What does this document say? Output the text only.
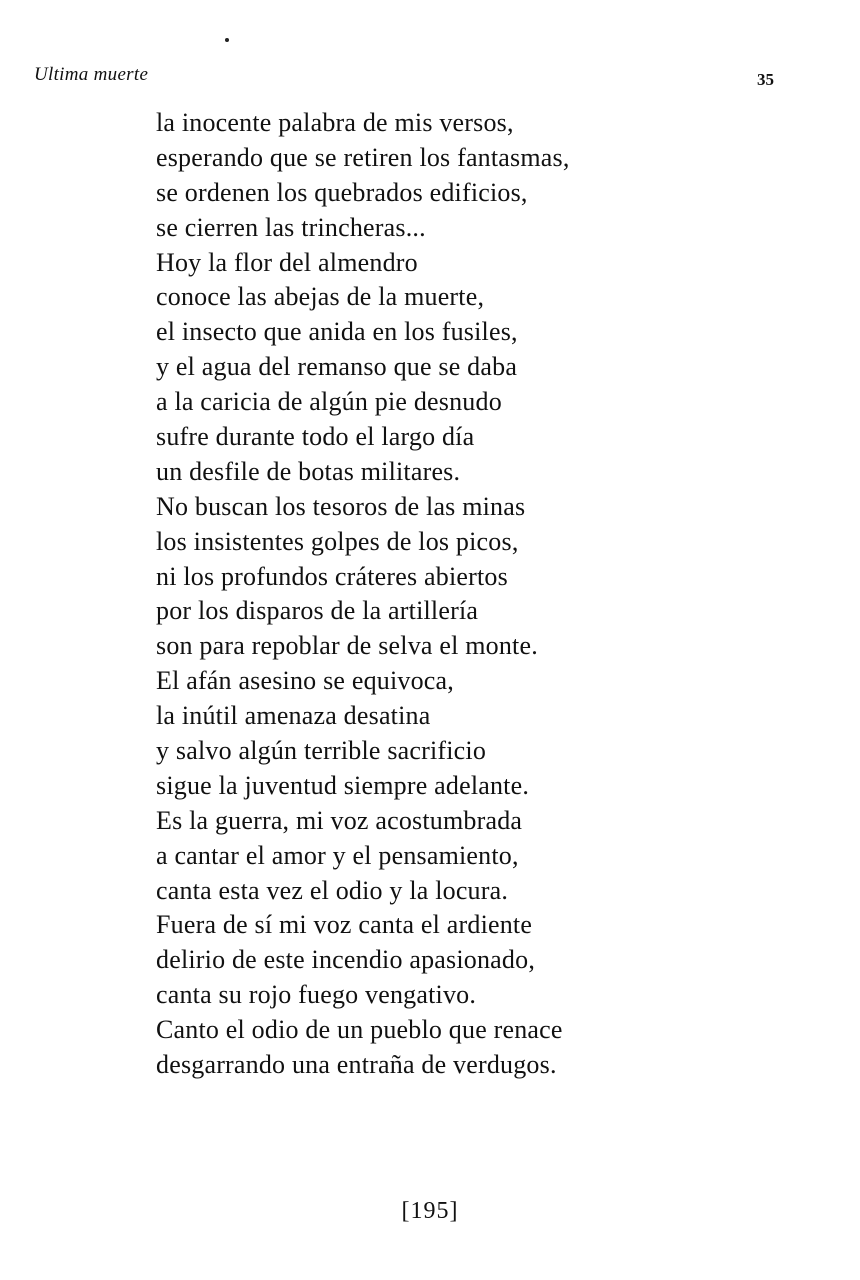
Ultima muerte	35
la inocente palabra de mis versos,
esperando que se retiren los fantasmas,
se ordenen los quebrados edificios,
se cierren las trincheras...
Hoy la flor del almendro
conoce las abejas de la muerte,
el insecto que anida en los fusiles,
y el agua del remanso que se daba
a la caricia de algún pie desnudo
sufre durante todo el largo día
un desfile de botas militares.
No buscan los tesoros de las minas
los insistentes golpes de los picos,
ni los profundos cráteres abiertos
por los disparos de la artillería
son para repoblar de selva el monte.
El afán asesino se equivoca,
la inútil amenaza desatina
y salvo algún terrible sacrificio
sigue la juventud siempre adelante.
Es la guerra, mi voz acostumbrada
a cantar el amor y el pensamiento,
canta esta vez el odio y la locura.
Fuera de sí mi voz canta el ardiente
delirio de este incendio apasionado,
canta su rojo fuego vengativo.
Canto el odio de un pueblo que renace
desgarrando una entraña de verdugos.
[195]
